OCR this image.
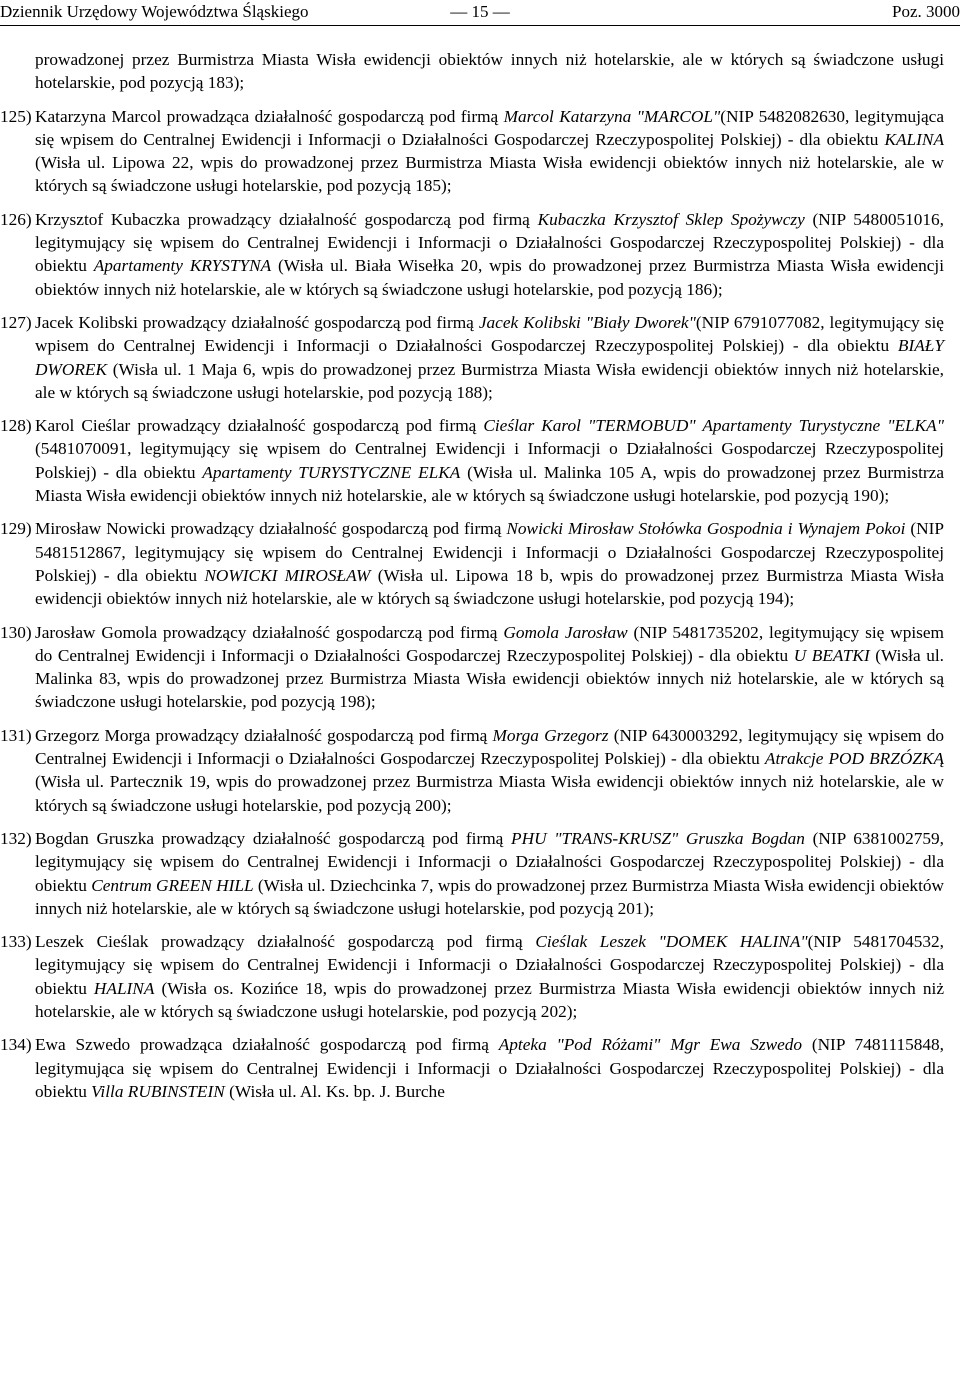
Dziennik Urzędowy Województwa Śląskiego	— 15 —	Poz. 3000

prowadzonej przez Burmistrza Miasta Wisła ewidencji obiektów innych niż hotelarskie, ale w których są świadczone usługi hotelarskie, pod pozycją 183);

125) Katarzyna Marcol prowadząca działalność gospodarczą pod firmą Marcol Katarzyna "MARCOL"(NIP 5482082630, legitymująca się wpisem do Centralnej Ewidencji i Informacji o Działalności Gospodarczej Rzeczypospolitej Polskiej) - dla obiektu KALINA (Wisła ul. Lipowa 22, wpis do prowadzonej przez Burmistrza Miasta Wisła ewidencji obiektów innych niż hotelarskie, ale w których są świadczone usługi hotelarskie, pod pozycją 185);

126) Krzysztof Kubaczka prowadzący działalność gospodarczą pod firmą Kubaczka Krzysztof Sklep Spożywczy (NIP 5480051016, legitymujący się wpisem do Centralnej Ewidencji i Informacji o Działalności Gospodarczej Rzeczypospolitej Polskiej) - dla obiektu Apartamenty KRYSTYNA (Wisła ul. Biała Wisełka 20, wpis do prowadzonej przez Burmistrza Miasta Wisła ewidencji obiektów innych niż hotelarskie, ale w których są świadczone usługi hotelarskie, pod pozycją 186);

127) Jacek Kolibski prowadzący działalność gospodarczą pod firmą Jacek Kolibski "Biały Dworek"(NIP 6791077082, legitymujący się wpisem do Centralnej Ewidencji i Informacji o Działalności Gospodarczej Rzeczypospolitej Polskiej) - dla obiektu BIAŁY DWOREK (Wisła ul. 1 Maja 6, wpis do prowadzonej przez Burmistrza Miasta Wisła ewidencji obiektów innych niż hotelarskie, ale w których są świadczone usługi hotelarskie, pod pozycją 188);

128) Karol Cieślar prowadzący działalność gospodarczą pod firmą Cieślar Karol "TERMOBUD" Apartamenty Turystyczne "ELKA"(5481070091, legitymujący się wpisem do Centralnej Ewidencji i Informacji o Działalności Gospodarczej Rzeczypospolitej Polskiej) - dla obiektu Apartamenty TURYSTYCZNE ELKA (Wisła ul. Malinka 105 A, wpis do prowadzonej przez Burmistrza Miasta Wisła ewidencji obiektów innych niż hotelarskie, ale w których są świadczone usługi hotelarskie, pod pozycją 190);

129) Mirosław Nowicki prowadzący działalność gospodarczą pod firmą Nowicki Mirosław Stołówka Gospodnia i Wynajem Pokoi (NIP 5481512867, legitymujący się wpisem do Centralnej Ewidencji i Informacji o Działalności Gospodarczej Rzeczypospolitej Polskiej) - dla obiektu NOWICKI MIROSŁAW (Wisła ul. Lipowa 18 b, wpis do prowadzonej przez Burmistrza Miasta Wisła ewidencji obiektów innych niż hotelarskie, ale w których są świadczone usługi hotelarskie, pod pozycją 194);

130) Jarosław Gomola prowadzący działalność gospodarczą pod firmą Gomola Jarosław (NIP 5481735202, legitymujący się wpisem do Centralnej Ewidencji i Informacji o Działalności Gospodarczej Rzeczypospolitej Polskiej) - dla obiektu U BEATKI (Wisła ul. Malinka 83, wpis do prowadzonej przez Burmistrza Miasta Wisła ewidencji obiektów innych niż hotelarskie, ale w których są świadczone usługi hotelarskie, pod pozycją 198);

131) Grzegorz Morga prowadzący działalność gospodarczą pod firmą Morga Grzegorz (NIP 6430003292, legitymujący się wpisem do Centralnej Ewidencji i Informacji o Działalności Gospodarczej Rzeczypospolitej Polskiej) - dla obiektu Atrakcje POD BRZÓZKĄ (Wisła ul. Partecznik 19, wpis do prowadzonej przez Burmistrza Miasta Wisła ewidencji obiektów innych niż hotelarskie, ale w których są świadczone usługi hotelarskie, pod pozycją 200);

132) Bogdan Gruszka prowadzący działalność gospodarczą pod firmą PHU "TRANS-KRUSZ" Gruszka Bogdan (NIP 6381002759, legitymujący się wpisem do Centralnej Ewidencji i Informacji o Działalności Gospodarczej Rzeczypospolitej Polskiej) - dla obiektu Centrum GREEN HILL (Wisła ul. Dziechcinka 7, wpis do prowadzonej przez Burmistrza Miasta Wisła ewidencji obiektów innych niż hotelarskie, ale w których są świadczone usługi hotelarskie, pod pozycją 201);

133) Leszek Cieślak prowadzący działalność gospodarczą pod firmą Cieślak Leszek "DOMEK HALINA"(NIP 5481704532, legitymujący się wpisem do Centralnej Ewidencji i Informacji o Działalności Gospodarczej Rzeczypospolitej Polskiej) - dla obiektu HALINA (Wisła os. Kozińce 18, wpis do prowadzonej przez Burmistrza Miasta Wisła ewidencji obiektów innych niż hotelarskie, ale w których są świadczone usługi hotelarskie, pod pozycją 202);

134) Ewa Szwedo prowadząca działalność gospodarczą pod firmą Apteka "Pod Różami" Mgr Ewa Szwedo (NIP 7481115848, legitymująca się wpisem do Centralnej Ewidencji i Informacji o Działalności Gospodarczej Rzeczypospolitej Polskiej) - dla obiektu Villa RUBINSTEIN (Wisła ul. Al. Ks. bp. J. Burche
